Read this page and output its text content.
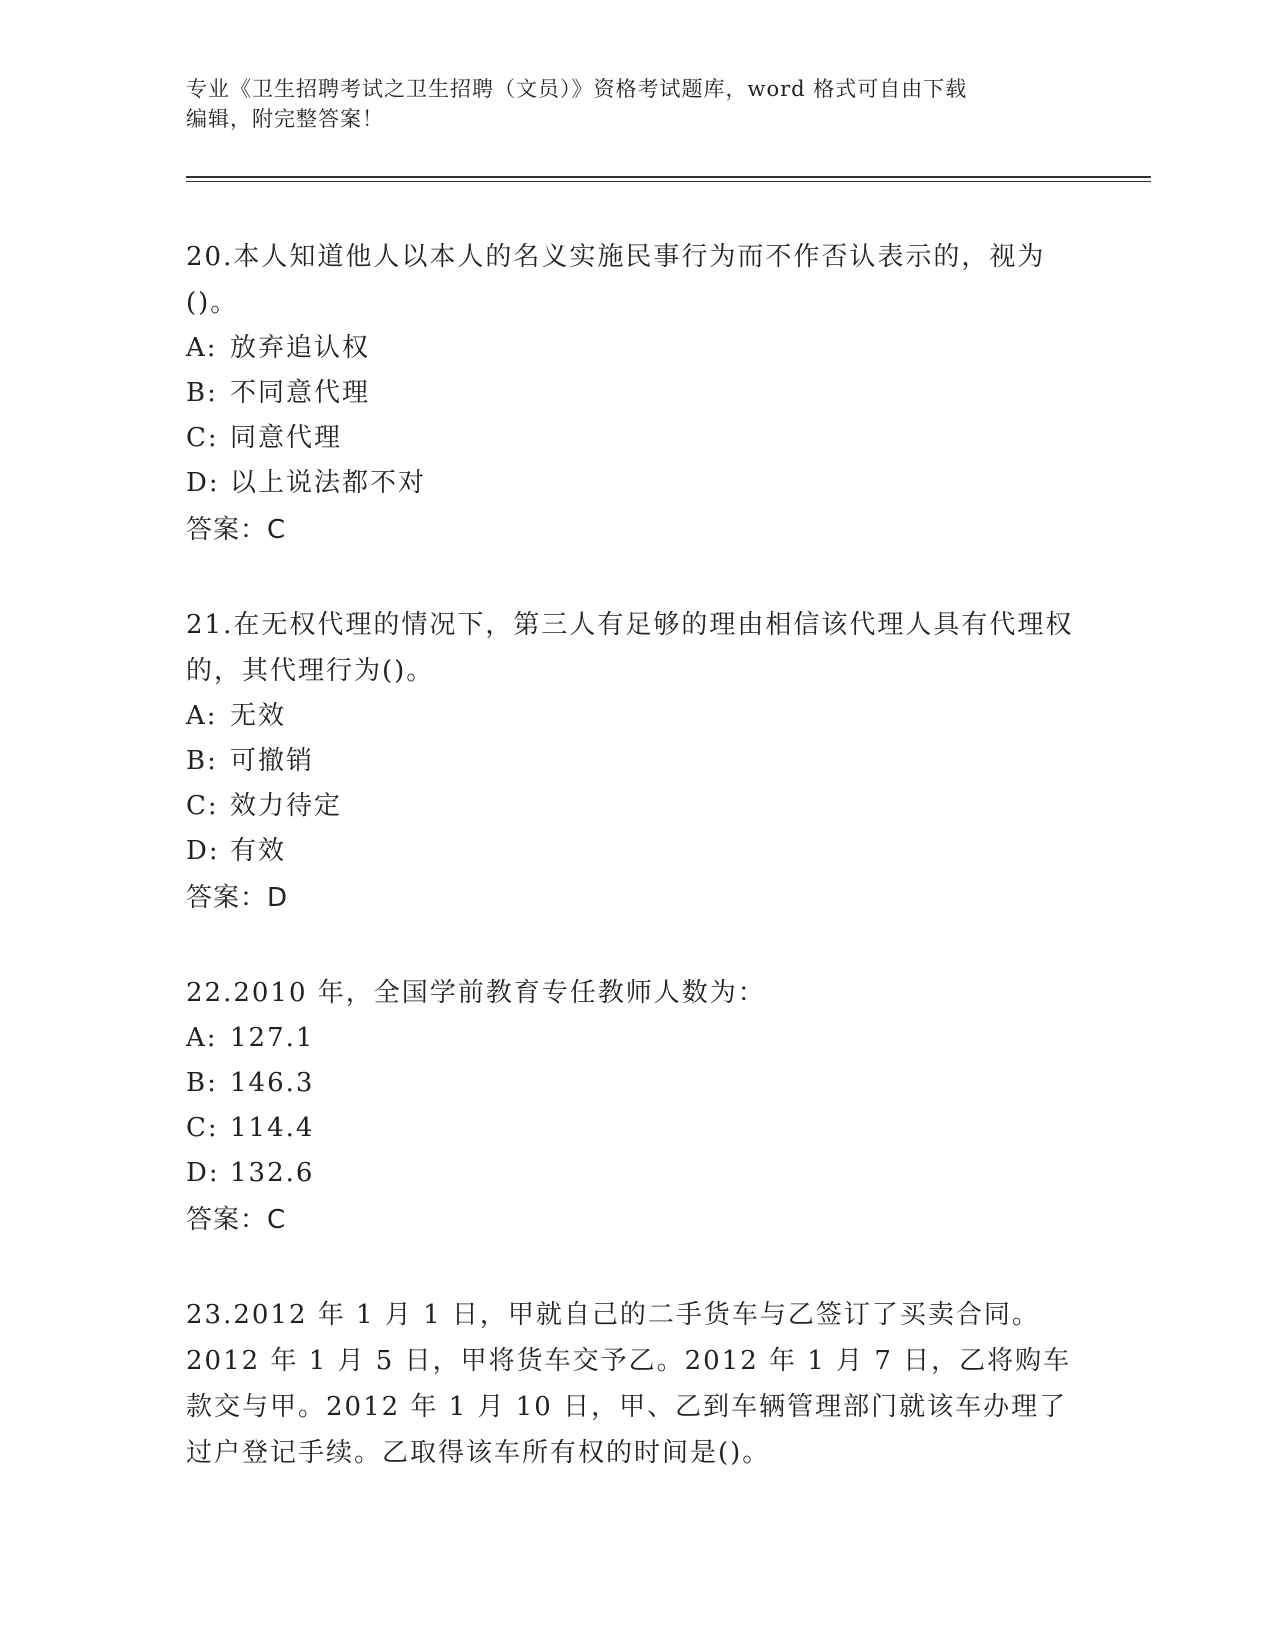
专业《卫生招聘考试之卫生招聘（文员）》资格考试题库，word 格式可自由下载
编辑，附完整答案！

20.本人知道他人以本人的名义实施民事行为而不作否认表示的，视为()。

A: 放弃追认权

B: 不同意代理

C: 同意代理

D: 以上说法都不对

答案：C

21.在无权代理的情况下，第三人有足够的理由相信该代理人具有代理权的，其代理行为()。

A: 无效

B: 可撤销

C: 效力待定

D: 有效

答案：D

22.2010 年，全国学前教育专任教师人数为：

A: 127.1

B: 146.3

C: 114.4

D: 132.6

答案：C

23.2012 年 1 月 1 日，甲就自己的二手货车与乙签订了买卖合同。2012 年 1 月 5 日，甲将货车交予乙。2012 年 1 月 7 日，乙将购车款交与甲。2012 年 1 月 10 日，甲、乙到车辆管理部门就该车办理了过户登记手续。乙取得该车所有权的时间是()。
